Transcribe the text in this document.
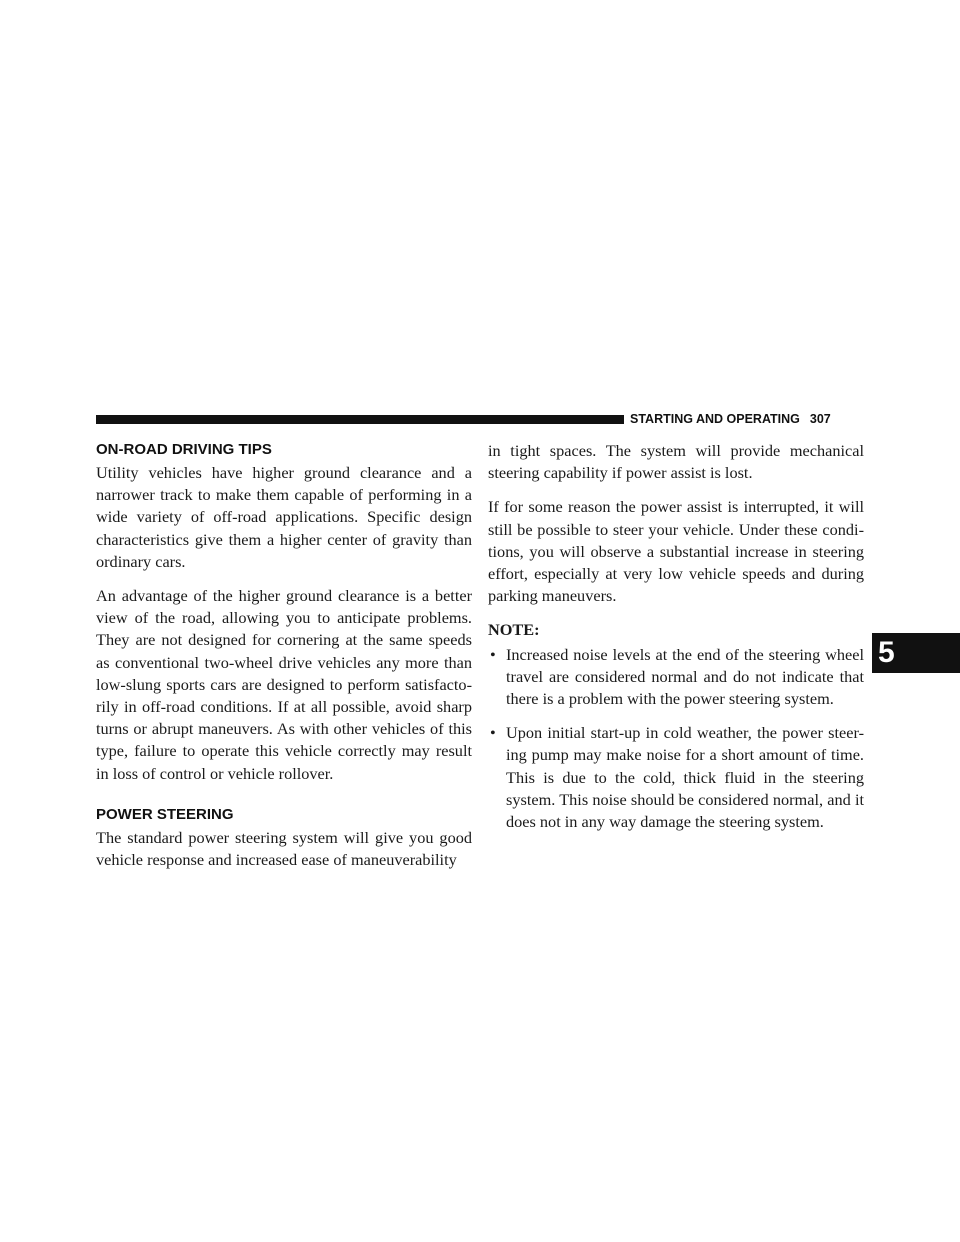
STARTING AND OPERATING 307
5
ON-ROAD DRIVING TIPS

Utility vehicles have higher ground clearance and a narrower track to make them capable of performing in a wide variety of off-road applications. Specific design characteristics give them a higher center of gravity than ordinary cars.

An advantage of the higher ground clearance is a better view of the road, allowing you to anticipate problems. They are not designed for cornering at the same speeds as conventional two-wheel drive vehicles any more than low-slung sports cars are designed to perform satisfacto-rily in off-road conditions. If at all possible, avoid sharp turns or abrupt maneuvers. As with other vehicles of this type, failure to operate this vehicle correctly may result in loss of control or vehicle rollover.

POWER STEERING

The standard power steering system will give you good vehicle response and increased ease of maneuverability

in tight spaces. The system will provide mechanical steering capability if power assist is lost.

If for some reason the power assist is interrupted, it will still be possible to steer your vehicle. Under these condi-tions, you will observe a substantial increase in steering effort, especially at very low vehicle speeds and during parking maneuvers.

NOTE:

• Increased noise levels at the end of the steering wheel travel are considered normal and do not indicate that there is a problem with the power steering system.
• Upon initial start-up in cold weather, the power steer-ing pump may make noise for a short amount of time. This is due to the cold, thick fluid in the steering system. This noise should be considered normal, and it does not in any way damage the steering system.
